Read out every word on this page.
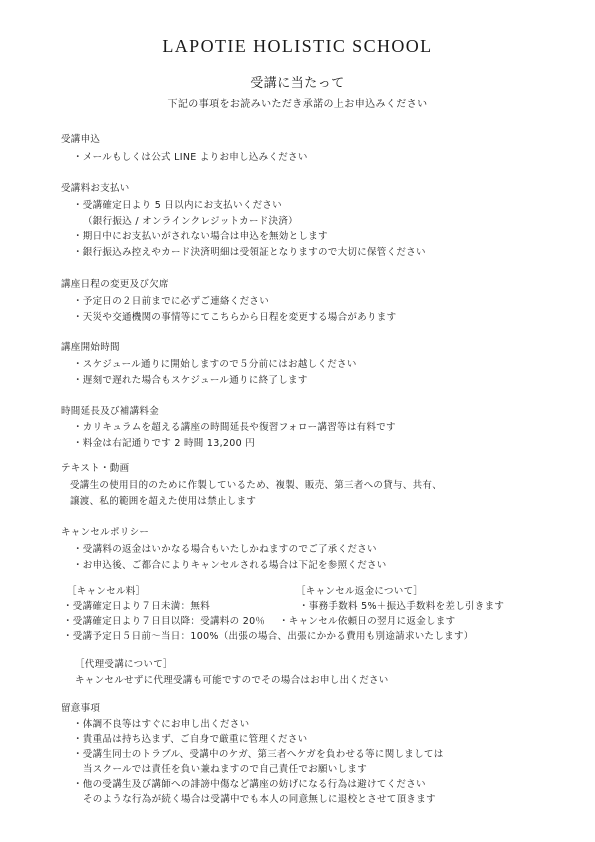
LAPOTIE HOLISTIC SCHOOL
受講に当たって
下記の事項をお読みいただき承諾の上お申込みください
受講申込
・メールもしくは公式 LINE よりお申し込みください
受講料お支払い
・受講確定日より 5 日以内にお支払いください
（銀行振込 / オンラインクレジットカード決済）
・期日中にお支払いがされない場合は申込を無効とします
・銀行振込み控えやカード決済明細は受領証となりますので大切に保管ください
講座日程の変更及び欠席
・予定日の２日前までに必ずご連絡ください
・天災や交通機関の事情等にてこちらから日程を変更する場合があります
講座開始時間
・スケジュール通りに開始しますので５分前にはお越しください
・遅刻で遅れた場合もスケジュール通りに終了します
時間延長及び補講料金
・カリキュラムを超える講座の時間延長や復習フォロー講習等は有料です
・料金は右記通りです 2 時間 13,200 円
テキスト・動画
受講生の使用目的のために作製しているため、複製、販売、第三者への貸与、共有、
譲渡、私的範囲を超えた使用は禁止します
キャンセルポリシー
・受講料の返金はいかなる場合もいたしかねますのでご了承ください
・お申込後、ご都合によりキャンセルされる場合は下記を参照ください
［キャンセル料］	［キャンセル返金について］
・受講確定日より７日未満：無料	・事務手数料 5%＋振込手数料を差し引きます
・受講確定日より７日目以降：受講料の 20％ ・キャンセル依頼日の翌月に返金します
・受講予定日５日前〜当日：100%（出張の場合、出張にかかる費用も別途請求いたします）
［代理受講について］
キャンセルせずに代理受講も可能ですのでその場合はお申し出ください
留意事項
・体調不良等はすぐにお申し出ください
・貴重品は持ち込まず、ご自身で厳重に管理ください
・受講生同士のトラブル、受講中のケガ、第三者へケガを負わせる等に関しましては
当スクールでは責任を負い兼ねますので自己責任でお願いします
・他の受講生及び講師への誹謗中傷など講座の妨げになる行為は避けてください
そのような行為が続く場合は受講中でも本人の同意無しに退校とさせて頂きます
